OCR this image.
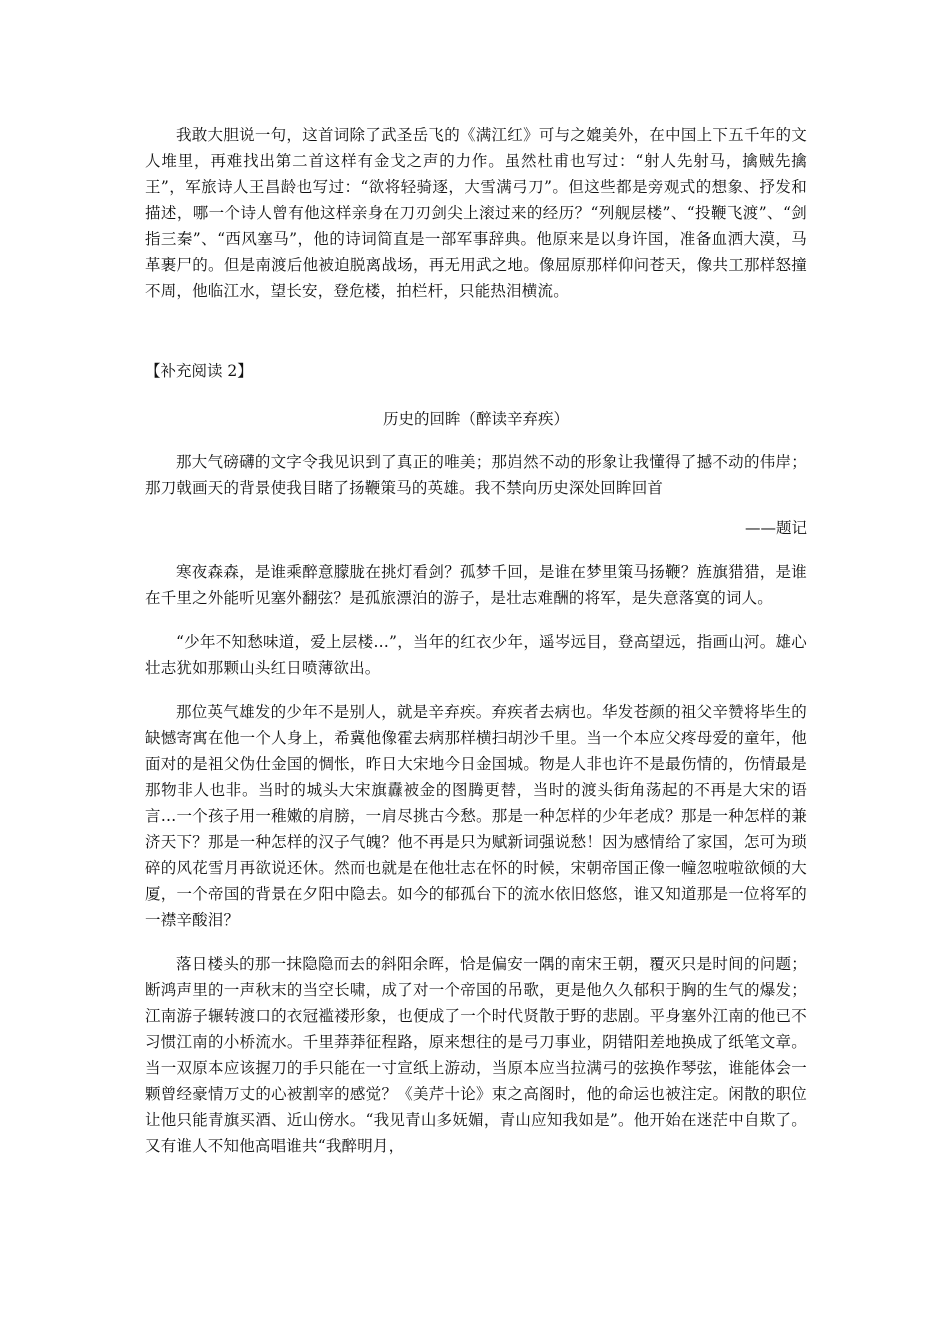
我敢大胆说一句，这首词除了武圣岳飞的《满江红》可与之媲美外，在中国上下五千年的文人堆里，再难找出第二首这样有金戈之声的力作。虽然杜甫也写过：“射人先射马，擒贼先擒王”，军旅诗人王昌龄也写过：“欲将轻骑逐，大雪满弓刀”。但这些都是旁观式的想象、抒发和描述，哪一个诗人曾有他这样亲身在刀刃剑尖上滚过来的经历？“列舰层楼”、“投鞭飞渡”、“剑指三秦”、“西风塞马”，他的诗词简直是一部军事辞典。他原来是以身许国，准备血洒大漠，马革裹尸的。但是南渡后他被迫脱离战场，再无用武之地。像屈原那样仰问苍天，像共工那样怒撞不周，他临江水，望长安，登危楼，拍栏杆，只能热泪横流。

【补充阅读 2】

历史的回眸（醉读辛弃疾）

那大气磅礴的文字令我见识到了真正的唯美；那岿然不动的形象让我懂得了撼不动的伟岸；那刀戟画天的背景使我目睹了扬鞭策马的英雄。我不禁向历史深处回眸回首

——题记

寒夜森森，是谁乘醉意朦胧在挑灯看剑？孤梦千回，是谁在梦里策马扬鞭？旌旗猎猎，是谁在千里之外能听见塞外翻弦？是孤旅漂泊的游子，是壮志难酬的将军，是失意落寞的词人。

“少年不知愁味道，爱上层楼…”，当年的红衣少年，遥岑远目，登高望远，指画山河。雄心壮志犹如那颗山头红日喷薄欲出。

那位英气雄发的少年不是别人，就是辛弃疾。弃疾者去病也。华发苍颜的祖父辛赞将毕生的缺憾寄寓在他一个人身上，希冀他像霍去病那样横扫胡沙千里。当一个本应父疼母爱的童年，他面对的是祖父伪仕金国的惆怅，昨日大宋地今日金国城。物是人非也许不是最伤情的，伤情最是那物非人也非。当时的城头大宋旗纛被金的图腾更替，当时的渡头街角荡起的不再是大宋的语言…一个孩子用一稚嫩的肩膀，一肩尽挑古今愁。那是一种怎样的少年老成？那是一种怎样的兼济天下？那是一种怎样的汉子气魄？他不再是只为赋新词强说愁！因为感情给了家国，怎可为琐碎的风花雪月再欲说还休。然而也就是在他壮志在怀的时候，宋朝帝国正像一幢忽啦啦欲倾的大厦，一个帝国的背景在夕阳中隐去。如今的郁孤台下的流水依旧悠悠，谁又知道那是一位将军的一襟辛酸泪？

落日楼头的那一抹隐隐而去的斜阳余晖，恰是偏安一隅的南宋王朝，覆灭只是时间的问题；断鸿声里的一声秋末的当空长啸，成了对一个帝国的吊歌，更是他久久郁积于胸的生气的爆发；江南游子辗转渡口的衣冠褴褛形象，也便成了一个时代贤散于野的悲剧。平身塞外江南的他已不习惯江南的小桥流水。千里莽莽征程路，原来想往的是弓刀事业，阴错阳差地换成了纸笔文章。当一双原本应该握刀的手只能在一寸宣纸上游动，当原本应当拉满弓的弦换作琴弦，谁能体会一颗曾经豪情万丈的心被割宰的感觉？《美芹十论》束之高阁时，他的命运也被注定。闲散的职位让他只能青旗买酒、近山傍水。“我见青山多妩媚，青山应知我如是”。他开始在迷茫中自欺了。又有谁人不知他高唱谁共“我醉明月，
